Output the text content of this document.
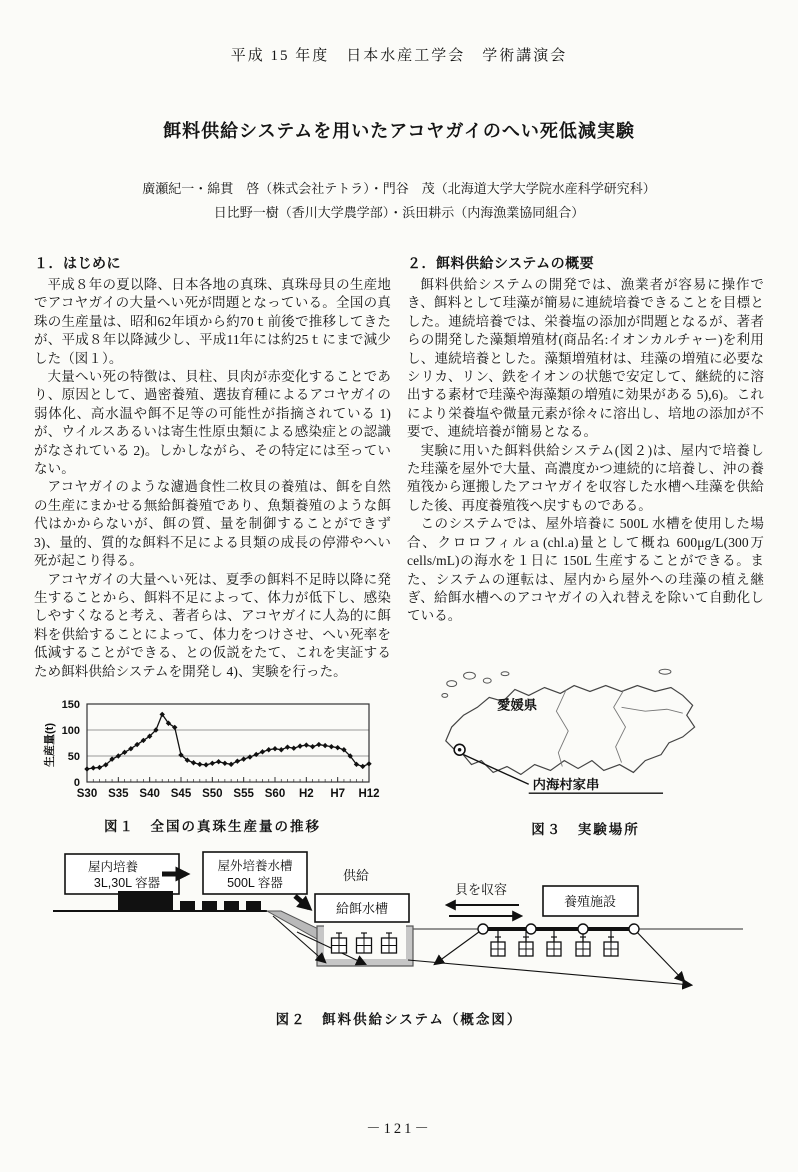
平成 15 年度　日本水産工学会　学術講演会
餌料供給システムを用いたアコヤガイのへい死低減実験
廣瀬紀一・綿貫　啓（株式会社テトラ）・門谷　茂（北海道大学大学院水産科学研究科）
日比野一樹（香川大学農学部）・浜田耕示（内海漁業協同組合）
１．はじめに

平成８年の夏以降、日本各地の真珠、真珠母貝の生産地でアコヤガイの大量へい死が問題となっている。全国の真珠の生産量は、昭和62年頃から約70ｔ前後で推移してきたが、平成８年以降減少し、平成11年には約25ｔにまで減少した（図１）。

大量へい死の特徴は、貝柱、貝肉が赤変化することであり、原因として、過密養殖、選抜育種によるアコヤガイの弱体化、高水温や餌不足等の可能性が指摘されている 1)が、ウイルスあるいは寄生性原虫類による感染症との認識がなされている 2)。しかしながら、その特定には至っていない。

アコヤガイのような濾過食性二枚貝の養殖は、餌を自然の生産にまかせる無給餌養殖であり、魚類養殖のような餌代はかからないが、餌の質、量を制御することができず 3)、量的、質的な餌料不足による貝類の成長の停滞やへい死が起こり得る。

アコヤガイの大量へい死は、夏季の餌料不足時以降に発生することから、餌料不足によって、体力が低下し、感染しやすくなると考え、著者らは、アコヤガイに人為的に餌料を供給することによって、体力をつけさせ、へい死率を低減することができる、との仮説をたて、これを実証するため餌料供給システムを開発し 4)、実験を行った。

生産量(t)
0
50
100
150
S30 S35 S40 S45 S50 S55 S60 H2 H7 H12
図１　全国の真珠生産量の推移
２．餌料供給システムの概要

餌料供給システムの開発では、漁業者が容易に操作でき、餌料として珪藻が簡易に連続培養できることを目標とした。連続培養では、栄養塩の添加が問題となるが、著者らの開発した藻類増殖材(商品名:イオンカルチャー)を利用し、連続培養とした。藻類増殖材は、珪藻の増殖に必要なシリカ、リン、鉄をイオンの状態で安定して、継続的に溶出する素材で珪藻や海藻類の増殖に効果がある 5),6)。これにより栄養塩や微量元素が徐々に溶出し、培地の添加が不要で、連続培養が簡易となる。

実験に用いた餌料供給システム(図２)は、屋内で培養した珪藻を屋外で大量、高濃度かつ連続的に培養し、沖の養殖筏から運搬したアコヤガイを収容した水槽へ珪藻を供給した後、再度養殖筏へ戻すものである。

このシステムでは、屋外培養に 500L 水槽を使用した場合、クロロフィルａ(chl.a)量として概ね 600μg/L(300万 cells/mL)の海水を１日に 150L 生産することができる。また、システムの運転は、屋内から屋外への珪藻の植え継ぎ、給餌水槽へのアコヤガイの入れ替えを除いて自動化している。

愛媛県
内海村家串
図３　実験場所
屋内培養
3L,30L 容器
屋外培養水槽
500L 容器	供給
給餌水槽
貝を収容
養殖施設
図２　餌料供給システム（概念図）
－121－
